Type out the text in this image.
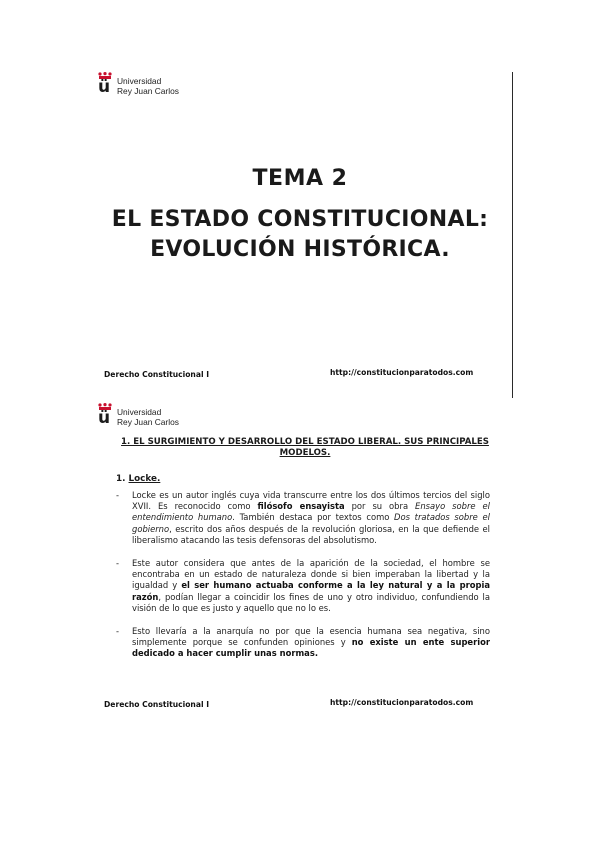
ü Universidad
Rey Juan Carlos
TEMA 2
EL ESTADO CONSTITUCIONAL:
EVOLUCIÓN HISTÓRICA.
Derecho Constitucional I	http://constitucionparatodos.com
ü Universidad
Rey Juan Carlos
1. EL SURGIMIENTO Y DESARROLLO DEL ESTADO LIBERAL. SUS PRINCIPALES
MODELOS.
1. Locke.
- Locke es un autor inglés cuya vida transcurre entre los dos últimos tercios del siglo XVII. Es reconocido como filósofo ensayista por su obra Ensayo sobre el entendimiento humano. También destaca por textos como Dos tratados sobre el gobierno, escrito dos años después de la revolución gloriosa, en la que defiende el liberalismo atacando las tesis defensoras del absolutismo.
- Este autor considera que antes de la aparición de la sociedad, el hombre se encontraba en un estado de naturaleza donde si bien imperaban la libertad y la igualdad y el ser humano actuaba conforme a la ley natural y a la propia razón, podían llegar a coincidir los fines de uno y otro individuo, confundiendo la visión de lo que es justo y aquello que no lo es.
- Esto llevaría a la anarquía no por que la esencia humana sea negativa, sino simplemente porque se confunden opiniones y no existe un ente superior dedicado a hacer cumplir unas normas.
Derecho Constitucional I	http://constitucionparatodos.com
